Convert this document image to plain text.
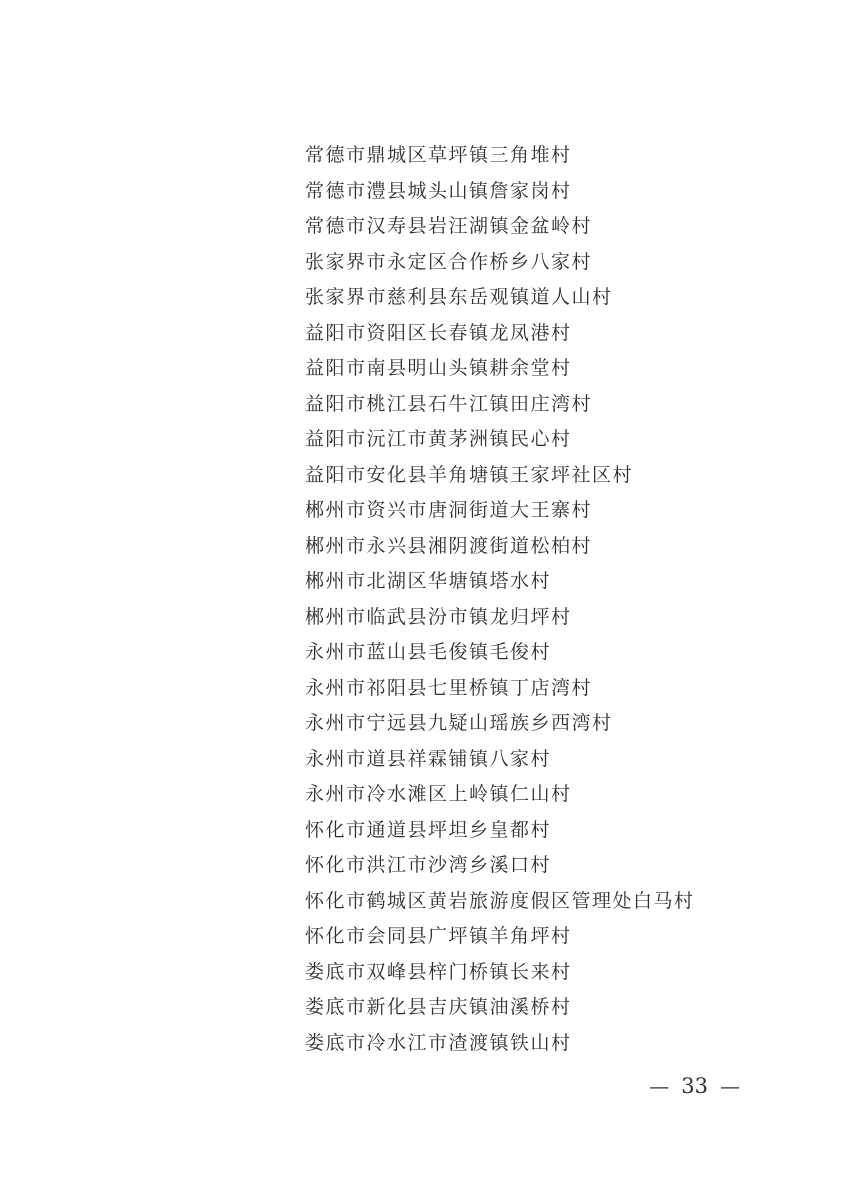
常德市鼎城区草坪镇三角堆村
常德市澧县城头山镇詹家岗村
常德市汉寿县岩汪湖镇金盆岭村
张家界市永定区合作桥乡八家村
张家界市慈利县东岳观镇道人山村
益阳市资阳区长春镇龙凤港村
益阳市南县明山头镇耕余堂村
益阳市桃江县石牛江镇田庄湾村
益阳市沅江市黄茅洲镇民心村
益阳市安化县羊角塘镇王家坪社区村
郴州市资兴市唐洞街道大王寨村
郴州市永兴县湘阴渡街道松柏村
郴州市北湖区华塘镇塔水村
郴州市临武县汾市镇龙归坪村
永州市蓝山县毛俊镇毛俊村
永州市祁阳县七里桥镇丁店湾村
永州市宁远县九疑山瑶族乡西湾村
永州市道县祥霖铺镇八家村
永州市冷水滩区上岭镇仁山村
怀化市通道县坪坦乡皇都村
怀化市洪江市沙湾乡溪口村
怀化市鹤城区黄岩旅游度假区管理处白马村
怀化市会同县广坪镇羊角坪村
娄底市双峰县梓门桥镇长来村
娄底市新化县吉庆镇油溪桥村
娄底市冷水江市渣渡镇铁山村
— 33 —
